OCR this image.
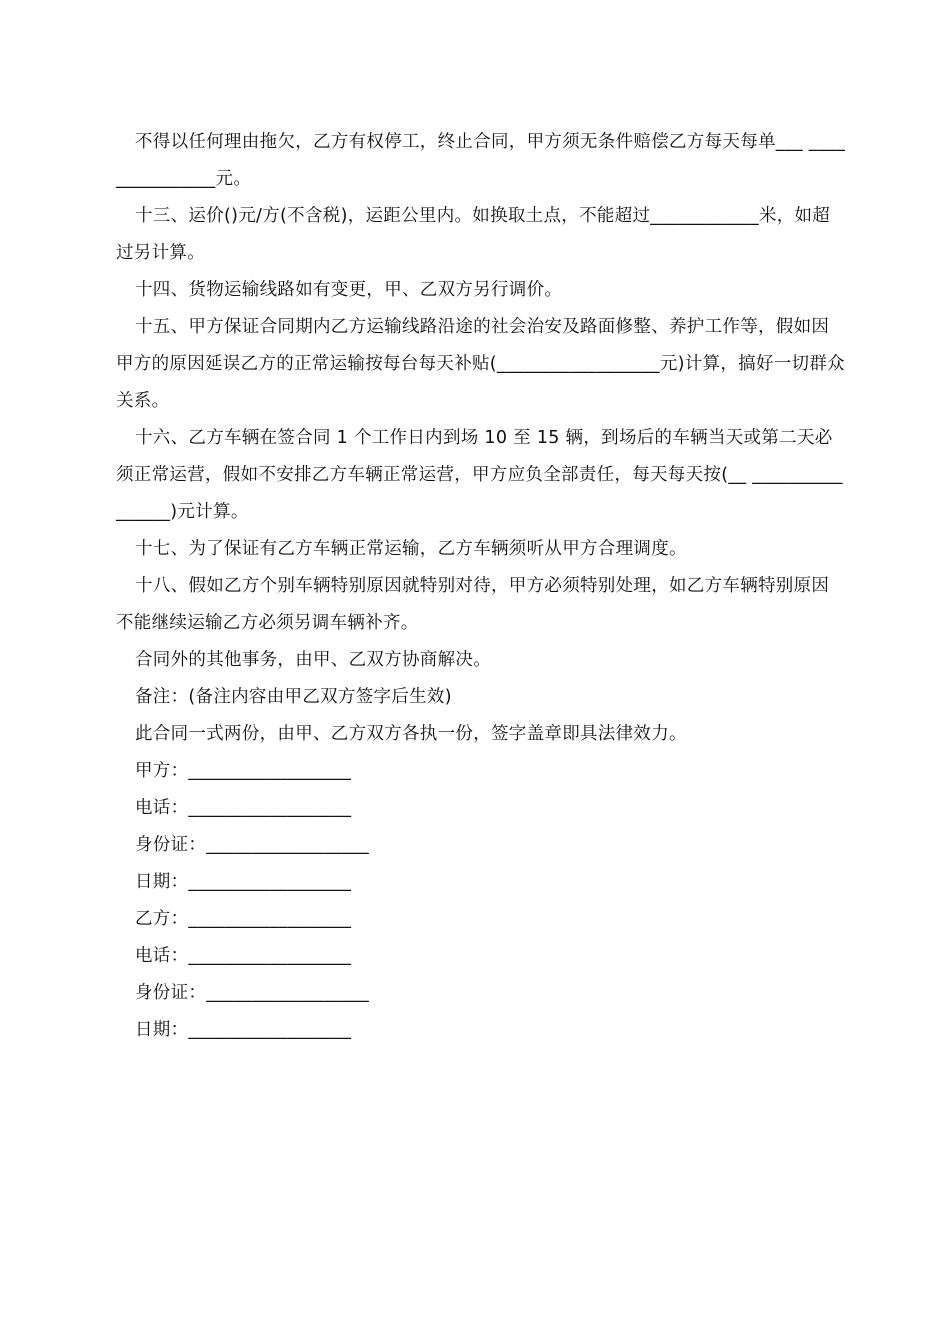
不得以任何理由拖欠，乙方有权停工，终止合同，甲方须无条件赔偿乙方每天每单___ _______________元。

十三、运价()元/方(不含税)，运距公里内。如换取土点，不能超过____________米，如超过另计算。

十四、货物运输线路如有变更，甲、乙双方另行调价。

十五、甲方保证合同期内乙方运输线路沿途的社会治安及路面修整、养护工作等，假如因甲方的原因延误乙方的正常运输按每台每天补贴(__________________元)计算，搞好一切群众关系。

十六、乙方车辆在签合同 1 个工作日内到场 10 至 15 辆，到场后的车辆当天或第二天必须正常运营，假如不安排乙方车辆正常运营，甲方应负全部责任，每天每天按(__ ________________)元计算。

十七、为了保证有乙方车辆正常运输，乙方车辆须听从甲方合理调度。

十八、假如乙方个别车辆特别原因就特别对待，甲方必须特别处理，如乙方车辆特别原因不能继续运输乙方必须另调车辆补齐。

合同外的其他事务，由甲、乙双方协商解决。

备注：(备注内容由甲乙双方签字后生效)

此合同一式两份，由甲、乙方双方各执一份，签字盖章即具法律效力。

甲方：__________________

电话：__________________

身份证：__________________

日期：__________________

乙方：__________________

电话：__________________

身份证：__________________

日期：__________________
